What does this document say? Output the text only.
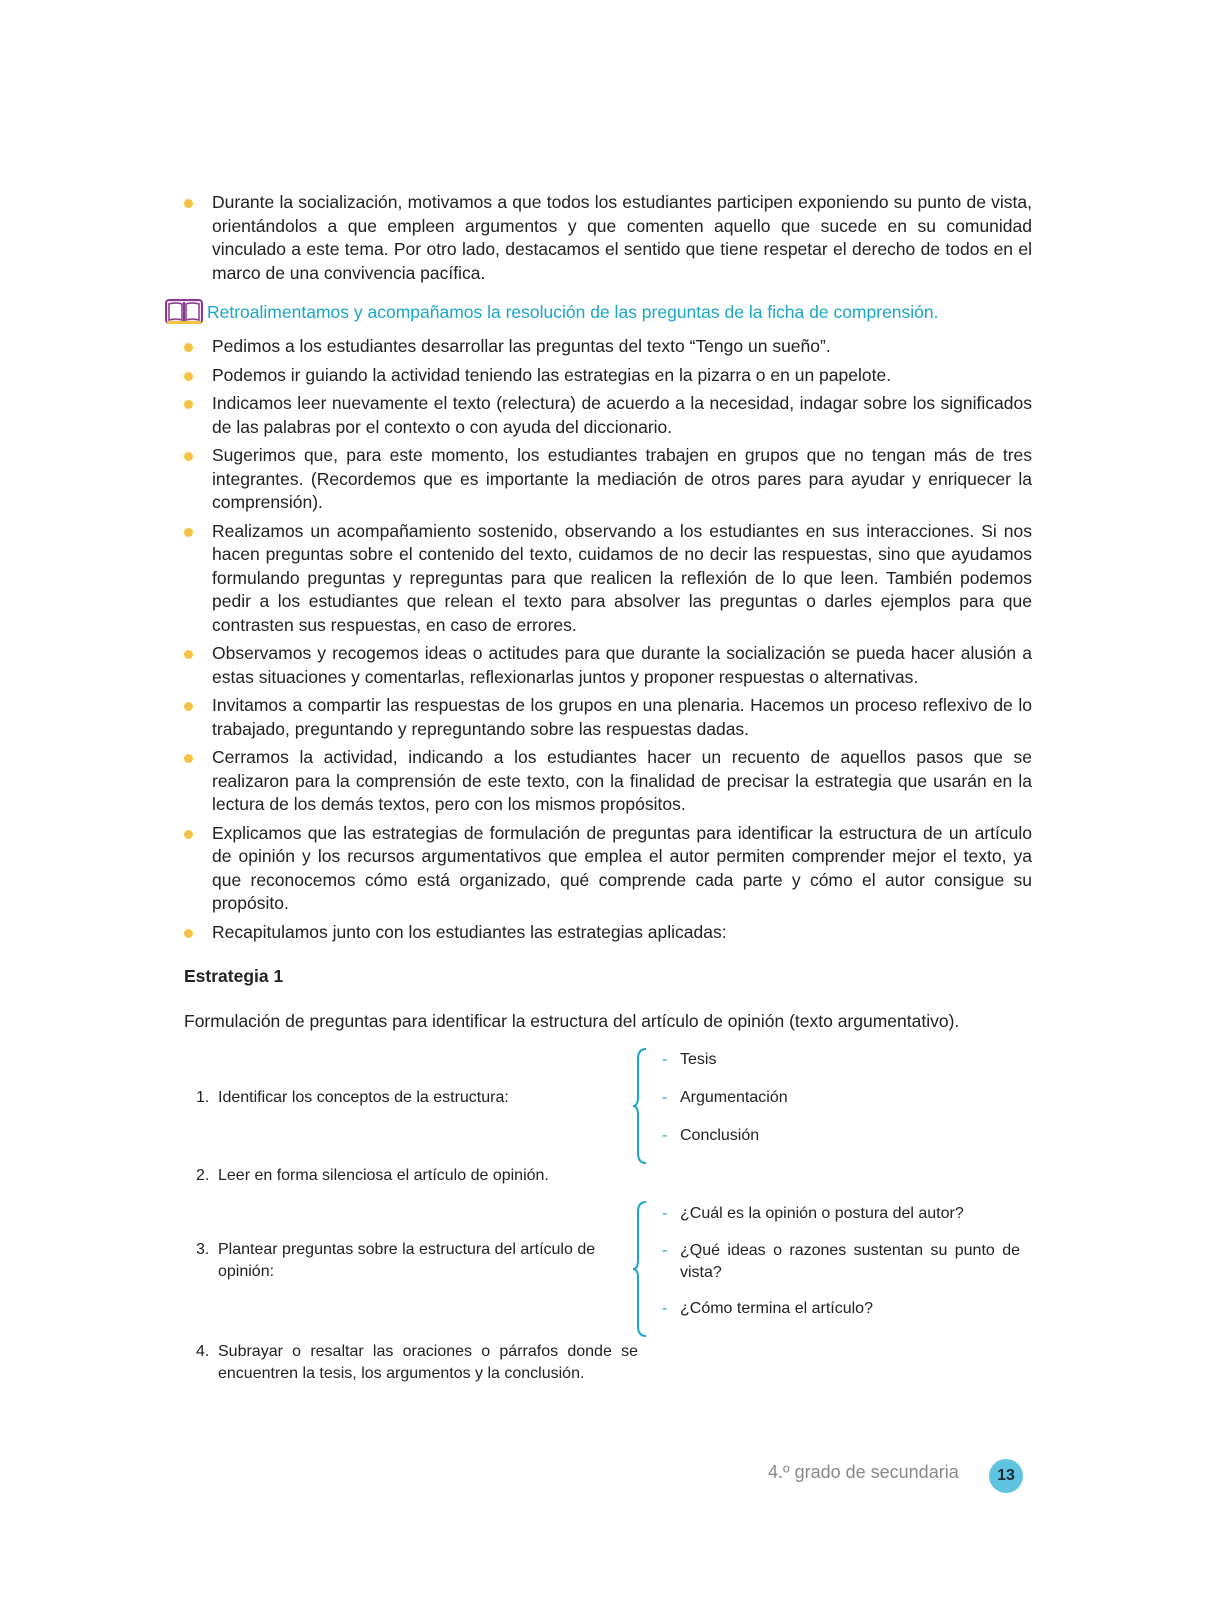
Durante la socialización, motivamos a que todos los estudiantes participen exponiendo su punto de vista, orientándolos a que empleen argumentos y que comenten aquello que sucede en su comunidad vinculado a este tema. Por otro lado, destacamos el sentido que tiene respetar el derecho de todos en el marco de una convivencia pacífica.
Retroalimentamos y acompañamos la resolución de las preguntas de la ficha de comprensión.
Pedimos a los estudiantes desarrollar las preguntas del texto “Tengo un sueño”.
Podemos ir guiando la actividad teniendo las estrategias en la pizarra o en un papelote.
Indicamos leer nuevamente el texto (relectura) de acuerdo a la necesidad, indagar sobre los significados de las palabras por el contexto o con ayuda del diccionario.
Sugerimos que, para este momento, los estudiantes trabajen en grupos que no tengan más de tres integrantes. (Recordemos que es importante la mediación de otros pares para ayudar y enriquecer la comprensión).
Realizamos un acompañamiento sostenido, observando a los estudiantes en sus interacciones. Si nos hacen preguntas sobre el contenido del texto, cuidamos de no decir las respuestas, sino que ayudamos formulando preguntas y repreguntas para que realicen la reflexión de lo que leen. También podemos pedir a los estudiantes que relean el texto para absolver las preguntas o darles ejemplos para que contrasten sus respuestas, en caso de errores.
Observamos y recogemos ideas o actitudes para que durante la socialización se pueda hacer alusión a estas situaciones y comentarlas, reflexionarlas juntos y proponer respuestas o alternativas.
Invitamos a compartir las respuestas de los grupos en una plenaria. Hacemos un proceso reflexivo de lo trabajado, preguntando y repreguntando sobre las respuestas dadas.
Cerramos la actividad, indicando a los estudiantes hacer un recuento de aquellos pasos que se realizaron para la comprensión de este texto, con la finalidad de precisar la estrategia que usarán en la lectura de los demás textos, pero con los mismos propósitos.
Explicamos que las estrategias de formulación de preguntas para identificar la estructura de un artículo de opinión y los recursos argumentativos que emplea el autor permiten comprender mejor el texto, ya que reconocemos cómo está organizado, qué comprende cada parte y cómo el autor consigue su propósito.
Recapitulamos junto con los estudiantes las estrategias aplicadas:
Estrategia 1
Formulación de preguntas para identificar la estructura del artículo de opinión (texto argumentativo).
1. Identificar los conceptos de la estructura:
2. Leer en forma silenciosa el artículo de opinión.
3. Plantear preguntas sobre la estructura del artículo de opinión:
4. Subrayar o resaltar las oraciones o párrafos donde se encuentren la tesis, los argumentos y la conclusión.
- Tesis
- Argumentación
- Conclusión
- ¿Cuál es la opinión o postura del autor?
- ¿Qué ideas o razones sustentan su punto de vista?
- ¿Cómo termina el artículo?
4.º grado de secundaria	13
